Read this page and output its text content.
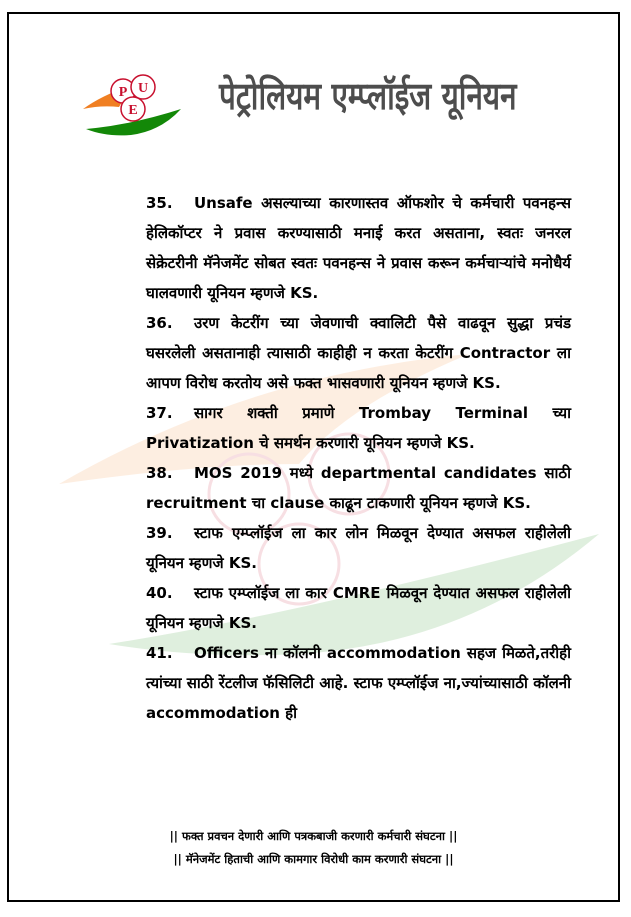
P U
E पेट्रोलियम एम्प्लॉईज यूनियन
35.	Unsafe असल्याच्या कारणास्तव ऑफशोर चे कर्मचारी पवनहन्स हेलिकॉप्टर ने प्रवास करण्यासाठी मनाई करत असताना, स्वतः जनरल सेक्रेटरीनी मॅनेजमेंट सोबत स्वतः पवनहन्स ने प्रवास करून कर्मचाऱ्यांचे मनोधैर्य घालवणारी यूनियन म्हणजे KS.
36.	उरण केटरींग च्या जेवणाची क्वालिटी पैसे वाढवून सुद्धा प्रचंड घसरलेली असतानाही त्यासाठी काहीही न करता केटरींग Contractor ला आपण विरोध करतोय असे फक्त भासवणारी यूनियन म्हणजे KS.
37.	सागर शक्ती प्रमाणे Trombay Terminal च्या Privatization चे समर्थन करणारी यूनियन म्हणजे KS.
38.	MOS 2019 मध्ये departmental candidates साठी recruitment चा clause काढून टाकणारी यूनियन म्हणजे KS.
39.	स्टाफ एम्प्लॉईज ला कार लोन मिळवून देण्यात असफल राहीलेली यूनियन म्हणजे KS.
40.	स्टाफ एम्प्लॉईज ला कार CMRE मिळवून देण्यात असफल राहीलेली यूनियन म्हणजे KS.
41.	Officers ना कॉलनी accommodation सहज मिळते,तरीही त्यांच्या साठी रेंटलीज फॅसिलिटी आहे. स्टाफ एम्प्लॉईज ना,ज्यांच्यासाठी कॉलनी accommodation ही
|| फक्त प्रवचन देणारी आणि पत्रकबाजी करणारी कर्मचारी संघटना ||
|| मॅनेजमेंट हिताची आणि कामगार विरोधी काम करणारी संघटना ||
